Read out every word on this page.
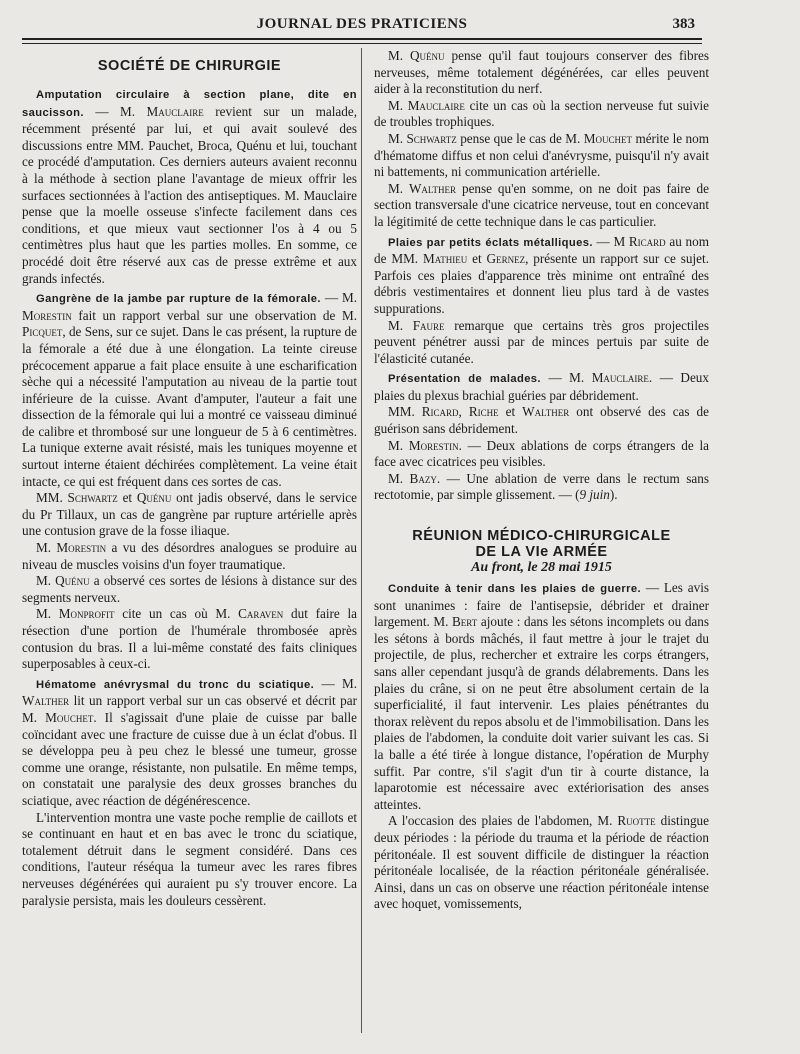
JOURNAL DES PRATICIENS	383
SOCIÉTÉ DE CHIRURGIE

Amputation circulaire à section plane, dite en saucisson. — M. Mauclaire revient sur un malade, récemment présenté par lui, et qui avait soulevé des discussions entre MM. Pauchet, Broca, Quénu et lui, touchant ce procédé d'amputation. Ces derniers auteurs avaient reconnu à la méthode à section plane l'avantage de mieux offrir les surfaces sectionnées à l'action des antiseptiques. M. Mauclaire pense que la moelle osseuse s'infecte facilement dans ces conditions, et que mieux vaut sectionner l'os à 4 ou 5 centimètres plus haut que les parties molles. En somme, ce procédé doit être réservé aux cas de presse extrême et aux grands infectés.

Gangrène de la jambe par rupture de la fémorale. — M. Morestin fait un rapport verbal sur une observation de M. Picquet, de Sens, sur ce sujet. Dans le cas présent, la rupture de la fémorale a été due à une élongation. La teinte cireuse précocement apparue a fait place ensuite à une escharification sèche qui a nécessité l'amputation au niveau de la partie tout inférieure de la cuisse. Avant d'amputer, l'auteur a fait une dissection de la fémorale qui lui a montré ce vaisseau diminué de calibre et thrombosé sur une longueur de 5 à 6 centimètres. La tunique externe avait résisté, mais les tuniques moyenne et surtout interne étaient déchirées complètement. La veine était intacte, ce qui est fréquent dans ces sortes de cas.

MM. Schwartz et Quénu ont jadis observé, dans le service du Pr Tillaux, un cas de gangrène par rupture artérielle après une contusion grave de la fosse iliaque.

M. Morestin a vu des désordres analogues se produire au niveau de muscles voisins d'un foyer traumatique.

M. Quénu a observé ces sortes de lésions à distance sur des segments nerveux.

M. Monprofit cite un cas où M. Caraven dut faire la résection d'une portion de l'humérale thrombosée après contusion du bras. Il a lui-même constaté des faits cliniques superposables à ceux-ci.

Hématome anévrysmal du tronc du sciatique. — M. Walther lit un rapport verbal sur un cas observé et décrit par M. Mouchet. Il s'agissait d'une plaie de cuisse par balle coïncidant avec une fracture de cuisse due à un éclat d'obus. Il se développa peu à peu chez le blessé une tumeur, grosse comme une orange, résistante, non pulsatile. En même temps, on constatait une paralysie des deux grosses branches du sciatique, avec réaction de dégénérescence.

L'intervention montra une vaste poche remplie de caillots et se continuant en haut et en bas avec le tronc du sciatique, totalement détruit dans le segment considéré. Dans ces conditions, l'auteur réséqua la tumeur avec les rares fibres nerveuses dégénérées qui auraient pu s'y trouver encore. La paralysie persista, mais les douleurs cessèrent.

M. Quénu pense qu'il faut toujours conserver des fibres nerveuses, même totalement dégénérées, car elles peuvent aider à la reconstitution du nerf.

M. Mauclaire cite un cas où la section nerveuse fut suivie de troubles trophiques.

M. Schwartz pense que le cas de M. Mouchet mérite le nom d'hématome diffus et non celui d'anévrysme, puisqu'il n'y avait ni battements, ni communication artérielle.

M. Walther pense qu'en somme, on ne doit pas faire de section transversale d'une cicatrice nerveuse, tout en concevant la légitimité de cette technique dans le cas particulier.

Plaies par petits éclats métalliques. — M Ricard au nom de MM. Mathieu et Gernez, présente un rapport sur ce sujet. Parfois ces plaies d'apparence très minime ont entraîné des débris vestimentaires et donnent lieu plus tard à de vastes suppurations.

M. Faure remarque que certains très gros projectiles peuvent pénétrer aussi par de minces pertuis par suite de l'élasticité cutanée.

Présentation de malades. — M. Mauclaire. — Deux plaies du plexus brachial guéries par débridement.

MM. Ricard, Riche et Walther ont observé des cas de guérison sans débridement.

M. Morestin. — Deux ablations de corps étrangers de la face avec cicatrices peu visibles.

M. Bazy. — Une ablation de verre dans le rectum sans rectotomie, par simple glissement. — (9 juin).

RÉUNION MÉDICO-CHIRURGICALE
DE LA VIe ARMÉE
Au front, le 28 mai 1915

Conduite à tenir dans les plaies de guerre. — Les avis sont unanimes : faire de l'antisepsie, débrider et drainer largement. M. Bert ajoute : dans les sétons incomplets ou dans les sétons à bords mâchés, il faut mettre à jour le trajet du projectile, de plus, rechercher et extraire les corps étrangers, sans aller cependant jusqu'à de grands délabrements. Dans les plaies du crâne, si on ne peut être absolument certain de la superficialité, il faut intervenir. Les plaies pénétrantes du thorax relèvent du repos absolu et de l'immobilisation. Dans les plaies de l'abdomen, la conduite doit varier suivant les cas. Si la balle a été tirée à longue distance, l'opération de Murphy suffit. Par contre, s'il s'agit d'un tir à courte distance, la laparotomie est nécessaire avec extériorisation des anses atteintes.

A l'occasion des plaies de l'abdomen, M. Ruotte distingue deux périodes : la période du trauma et la période de réaction péritonéale. Il est souvent difficile de distinguer la réaction péritonéale localisée, de la réaction péritonéale généralisée. Ainsi, dans un cas on observe une réaction péritonéale intense avec hoquet, vomissements,
